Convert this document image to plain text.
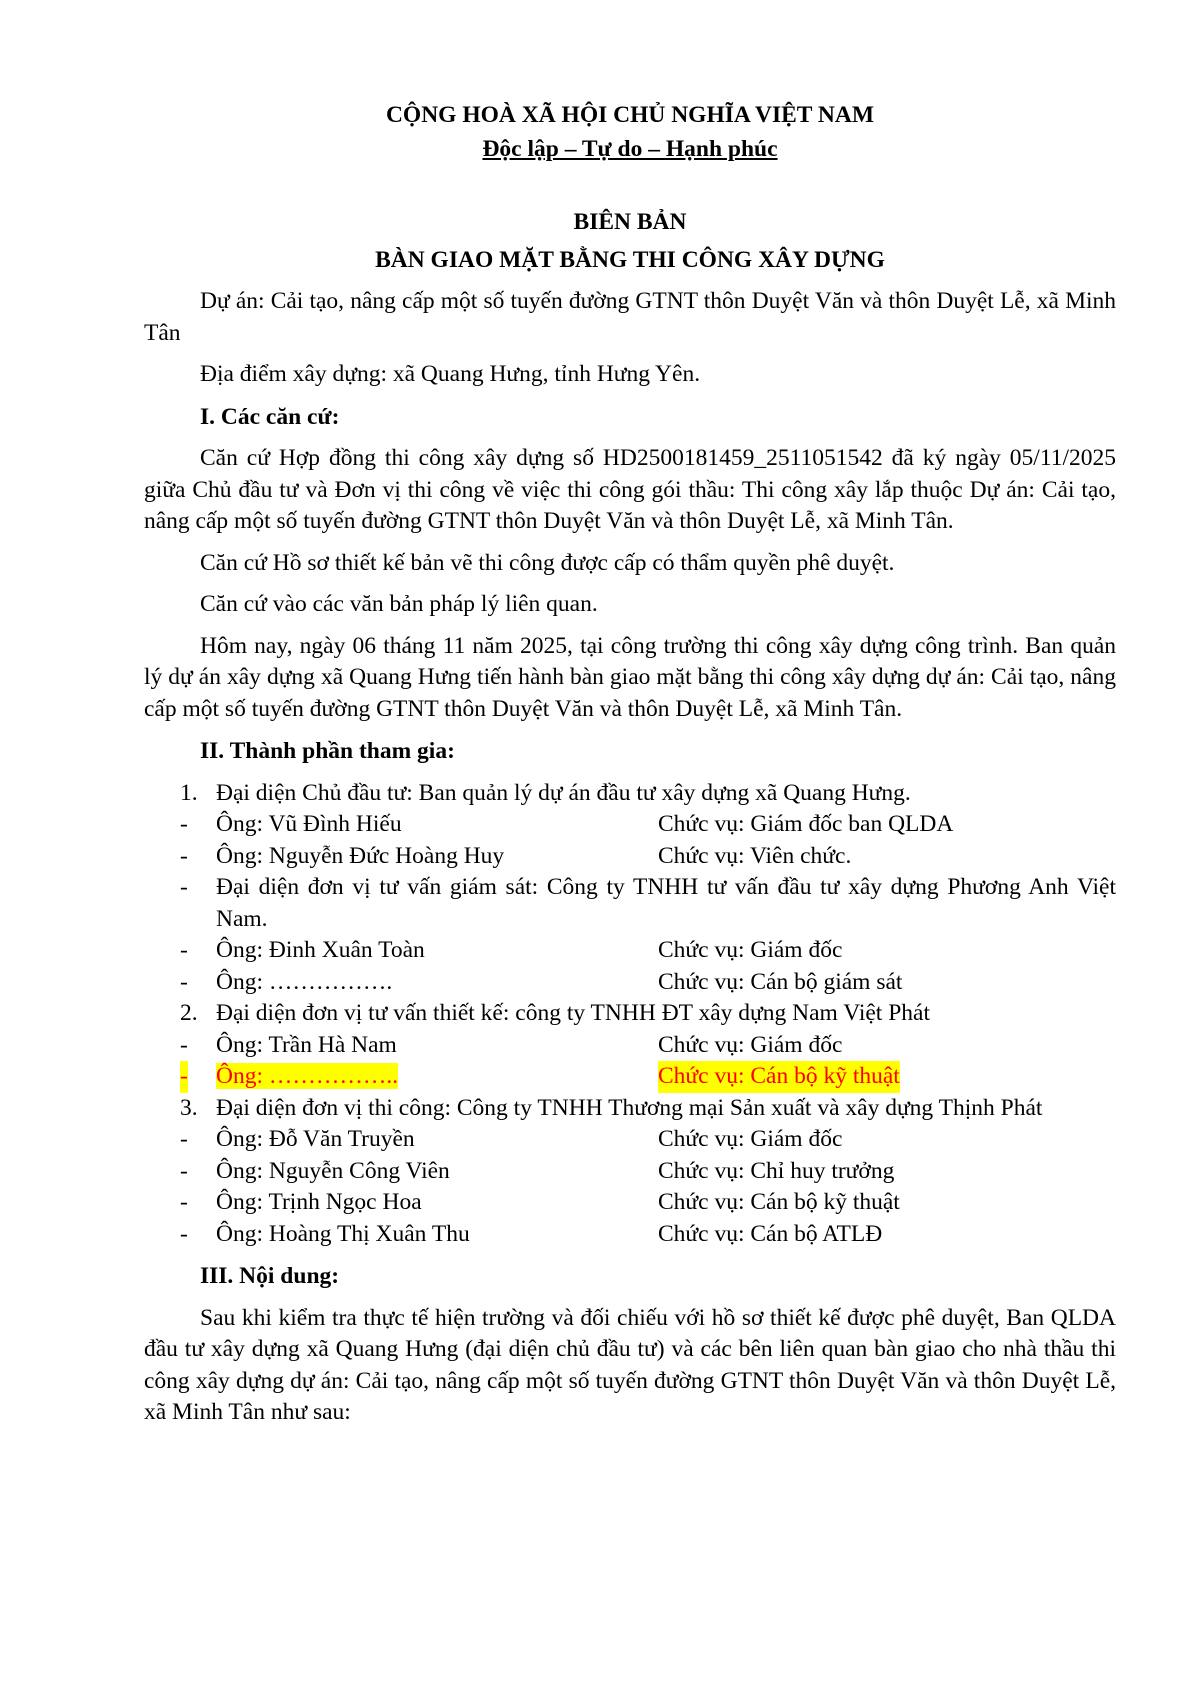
CỘNG HOÀ XÃ HỘI CHỦ NGHĨA VIỆT NAM
Độc lập – Tự do – Hạnh phúc
BIÊN BẢN
BÀN GIAO MẶT BẰNG THI CÔNG XÂY DỰNG

Dự án: Cải tạo, nâng cấp một số tuyến đường GTNT thôn Duyệt Văn và thôn Duyệt Lễ, xã Minh Tân

Địa điểm xây dựng: xã Quang Hưng, tỉnh Hưng Yên.

I. Các căn cứ:

Căn cứ Hợp đồng thi công xây dựng số HD2500181459_2511051542 đã ký ngày 05/11/2025 giữa Chủ đầu tư và Đơn vị thi công về việc thi công gói thầu: Thi công xây lắp thuộc Dự án: Cải tạo, nâng cấp một số tuyến đường GTNT thôn Duyệt Văn và thôn Duyệt Lễ, xã Minh Tân.

Căn cứ Hồ sơ thiết kế bản vẽ thi công được cấp có thẩm quyền phê duyệt.

Căn cứ vào các văn bản pháp lý liên quan.

Hôm nay, ngày 06 tháng 11 năm 2025, tại công trường thi công xây dựng công trình. Ban quản lý dự án xây dựng xã Quang Hưng tiến hành bàn giao mặt bằng thi công xây dựng dự án: Cải tạo, nâng cấp một số tuyến đường GTNT thôn Duyệt Văn và thôn Duyệt Lễ, xã Minh Tân.

II. Thành phần tham gia:
1. Đại diện Chủ đầu tư: Ban quản lý dự án đầu tư xây dựng xã Quang Hưng.
- Ông: Vũ Đình Hiếu	Chức vụ: Giám đốc ban QLDA
- Ông: Nguyễn Đức Hoàng Huy	Chức vụ: Viên chức.
- Đại diện đơn vị tư vấn giám sát: Công ty TNHH tư vấn đầu tư xây dựng Phương Anh Việt Nam.
- Ông: Đinh Xuân Toàn	Chức vụ: Giám đốc
- Ông: …………….	Chức vụ: Cán bộ giám sát
2. Đại diện đơn vị tư vấn thiết kế: công ty TNHH ĐT xây dựng Nam Việt Phát
- Ông: Trần Hà Nam	Chức vụ: Giám đốc
- Ông: ……………..	Chức vụ: Cán bộ kỹ thuật
3. Đại diện đơn vị thi công: Công ty TNHH Thương mại Sản xuất và xây dựng Thịnh Phát
- Ông: Đỗ Văn Truyền	Chức vụ: Giám đốc
- Ông: Nguyễn Công Viên	Chức vụ: Chỉ huy trưởng
- Ông: Trịnh Ngọc Hoa	Chức vụ: Cán bộ kỹ thuật
- Ông: Hoàng Thị Xuân Thu	Chức vụ: Cán bộ ATLĐ
III. Nội dung:

Sau khi kiểm tra thực tế hiện trường và đối chiếu với hồ sơ thiết kế được phê duyệt, Ban QLDA đầu tư xây dựng xã Quang Hưng (đại diện chủ đầu tư) và các bên liên quan bàn giao cho nhà thầu thi công xây dựng dự án: Cải tạo, nâng cấp một số tuyến đường GTNT thôn Duyệt Văn và thôn Duyệt Lễ, xã Minh Tân như sau:
